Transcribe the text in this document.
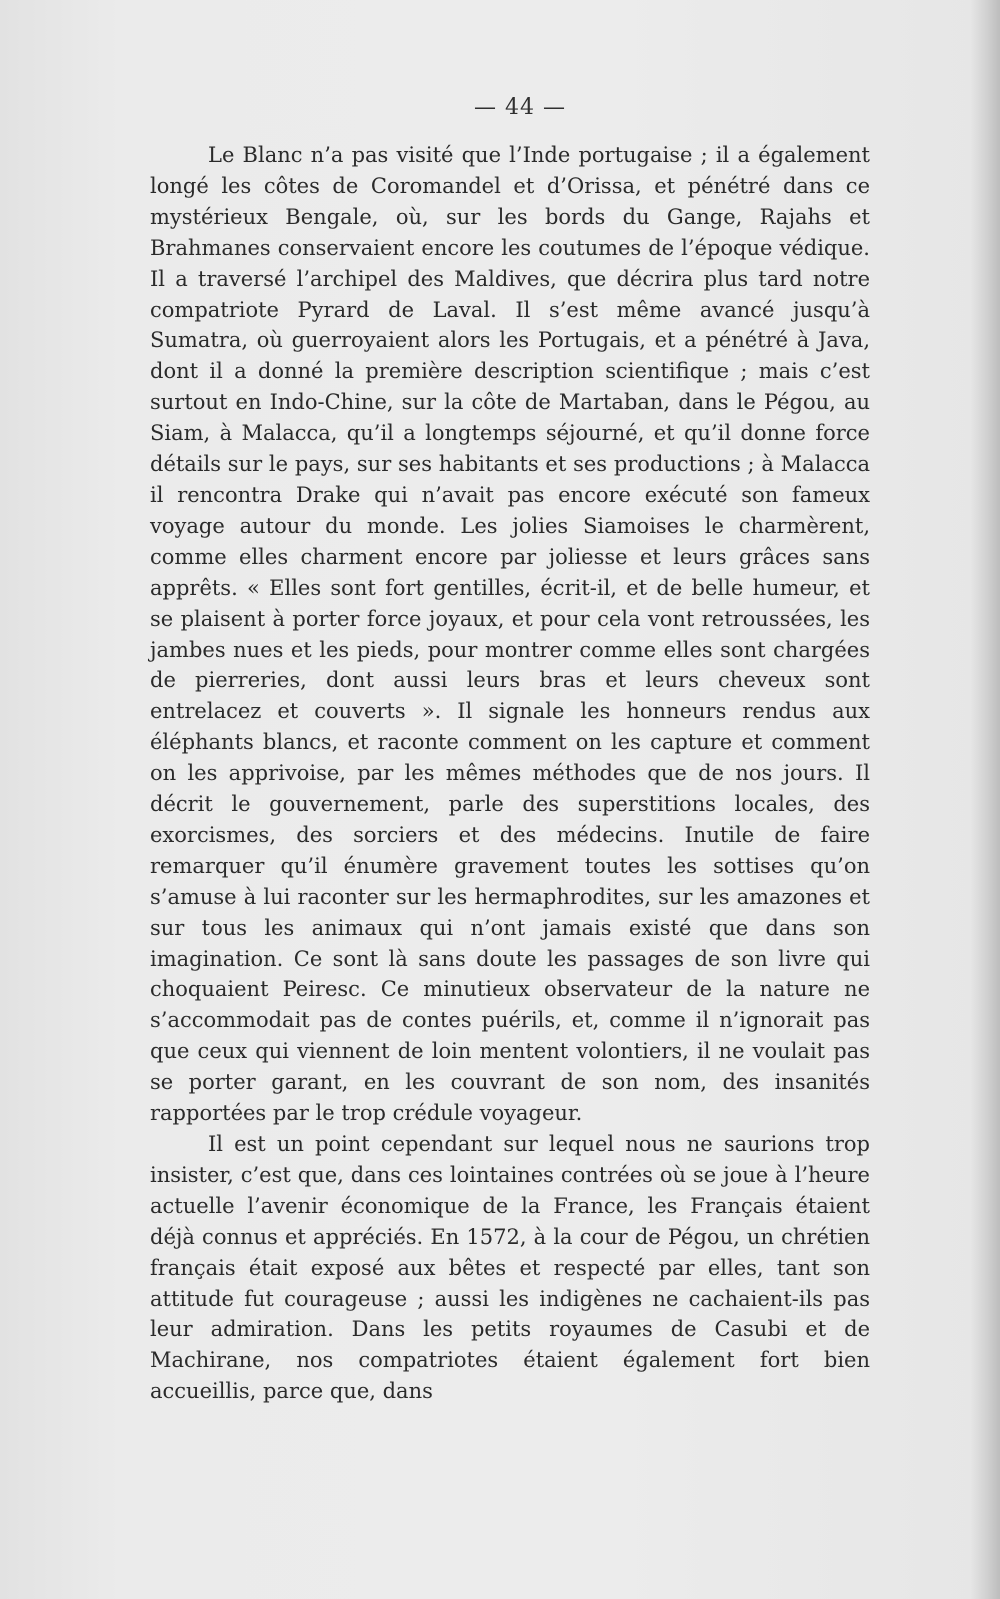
— 44 —

Le Blanc n’a pas visité que l’Inde portugaise ; il a également longé les côtes de Coromandel et d’Orissa, et pénétré dans ce mystérieux Bengale, où, sur les bords du Gange, Rajahs et Brahmanes conservaient encore les coutumes de l’époque védique. Il a traversé l’archipel des Maldives, que décrira plus tard notre compatriote Pyrard de Laval. Il s’est même avancé jusqu’à Sumatra, où guerroyaient alors les Portugais, et a pénétré à Java, dont il a donné la première description scientifique ; mais c’est surtout en Indo-Chine, sur la côte de Martaban, dans le Pégou, au Siam, à Malacca, qu’il a longtemps séjourné, et qu’il donne force détails sur le pays, sur ses habitants et ses productions ; à Malacca il rencontra Drake qui n’avait pas encore exécuté son fameux voyage autour du monde. Les jolies Siamoises le charmèrent, comme elles charment encore par joliesse et leurs grâces sans apprêts. « Elles sont fort gentilles, écrit-il, et de belle humeur, et se plaisent à porter force joyaux, et pour cela vont retroussées, les jambes nues et les pieds, pour montrer comme elles sont chargées de pierreries, dont aussi leurs bras et leurs cheveux sont entrelacez et couverts ». Il signale les honneurs rendus aux éléphants blancs, et raconte comment on les capture et comment on les apprivoise, par les mêmes méthodes que de nos jours. Il décrit le gouvernement, parle des superstitions locales, des exorcismes, des sorciers et des médecins. Inutile de faire remarquer qu’il énumère gravement toutes les sottises qu’on s’amuse à lui raconter sur les hermaphrodites, sur les amazones et sur tous les animaux qui n’ont jamais existé que dans son imagination. Ce sont là sans doute les passages de son livre qui choquaient Peiresc. Ce minutieux observateur de la nature ne s’accommodait pas de contes puérils, et, comme il n’ignorait pas que ceux qui viennent de loin mentent volontiers, il ne voulait pas se porter garant, en les couvrant de son nom, des insanités rapportées par le trop crédule voyageur.

Il est un point cependant sur lequel nous ne saurions trop insister, c’est que, dans ces lointaines contrées où se joue à l’heure actuelle l’avenir économique de la France, les Français étaient déjà connus et appréciés. En 1572, à la cour de Pégou, un chrétien français était exposé aux bêtes et respecté par elles, tant son attitude fut courageuse ; aussi les indigènes ne cachaient-ils pas leur admiration. Dans les petits royaumes de Casubi et de Machirane, nos compatriotes étaient également fort bien accueillis, parce que, dans
